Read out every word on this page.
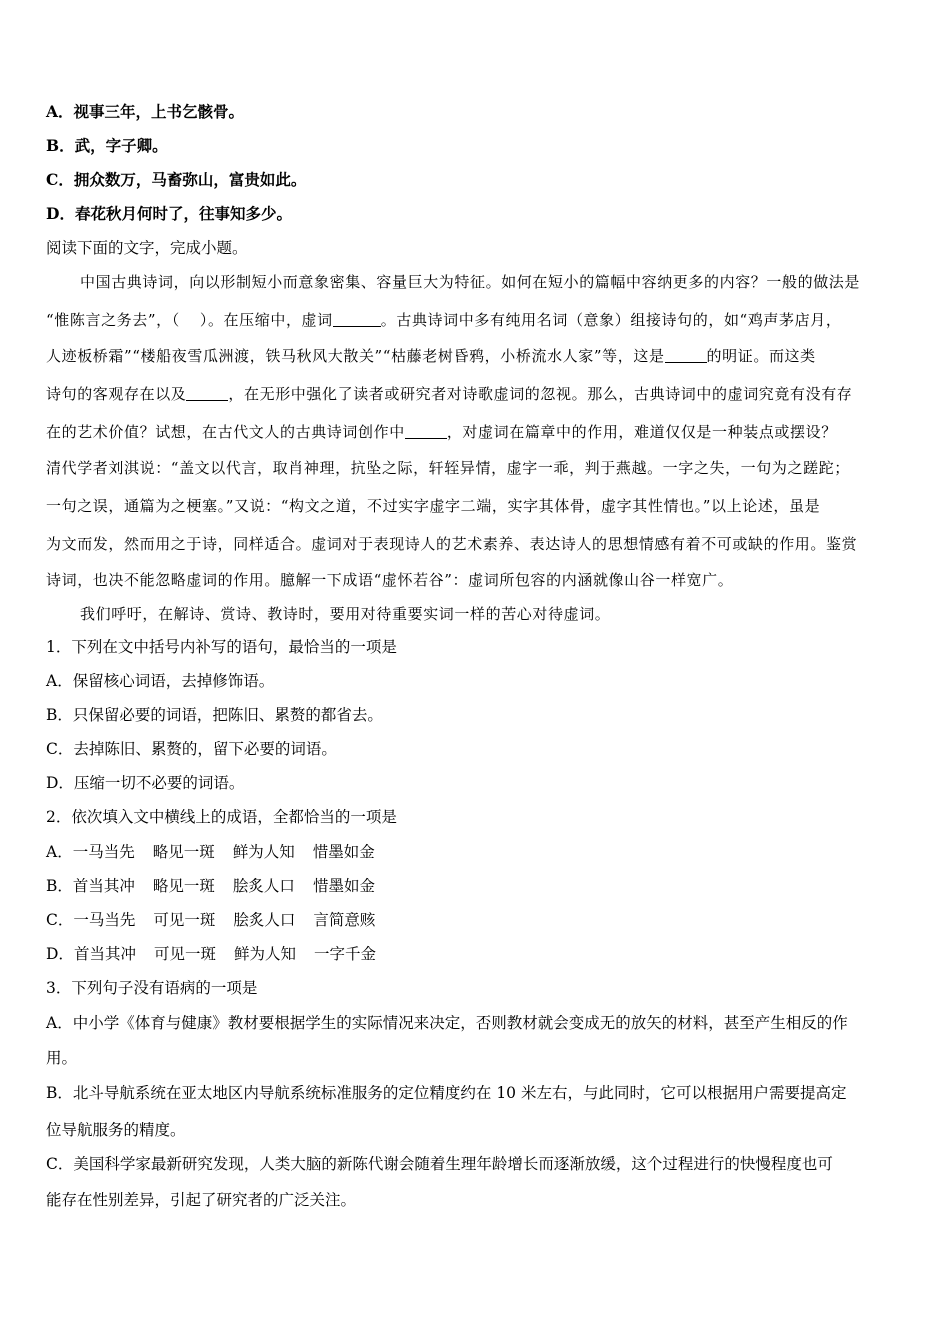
A．视事三年，上书乞骸骨。
B．武，字子卿。
C．拥众数万，马畜弥山，富贵如此。
D．春花秋月何时了，往事知多少。
阅读下面的文字，完成小题。
中国古典诗词，向以形制短小而意象密集、容量巨大为特征。如何在短小的篇幅中容纳更多的内容？一般的做法是
“惟陈言之务去”，（ ）。在压缩中，虚词	。古典诗词中多有纯用名词（意象）组接诗句的，如“鸡声茅店月，
人迹板桥霜”“楼船夜雪瓜洲渡，铁马秋风大散关”“枯藤老树昏鸦，小桥流水人家”等，这是	的明证。而这类
诗句的客观存在以及	，在无形中强化了读者或研究者对诗歌虚词的忽视。那么，古典诗词中的虚词究竟有没有存
在的艺术价值？试想，在古代文人的古典诗词创作中	，对虚词在篇章中的作用，难道仅仅是一种装点或摆设？
清代学者刘淇说：“盖文以代言，取肖神理，抗坠之际，轩轾异情，虚字一乖，判于燕越。一字之失，一句为之蹉跎；
一句之误，通篇为之梗塞。”又说：“构文之道，不过实字虚字二端，实字其体骨，虚字其性情也。”以上论述，虽是
为文而发，然而用之于诗，同样适合。虚词对于表现诗人的艺术素养、表达诗人的思想情感有着不可或缺的作用。鉴赏
诗词，也决不能忽略虚词的作用。臆解一下成语“虚怀若谷”：虚词所包容的内涵就像山谷一样宽广。
我们呼吁，在解诗、赏诗、教诗时，要用对待重要实词一样的苦心对待虚词。
1．下列在文中括号内补写的语句，最恰当的一项是
A．保留核心词语，去掉修饰语。
B．只保留必要的词语，把陈旧、累赘的都省去。
C．去掉陈旧、累赘的，留下必要的词语。
D．压缩一切不必要的词语。
2．依次填入文中横线上的成语，全都恰当的一项是
A．一马当先 略见一斑 鲜为人知 惜墨如金
B．首当其冲 略见一斑 脍炙人口 惜墨如金
C．一马当先 可见一斑 脍炙人口 言简意赅
D．首当其冲 可见一斑 鲜为人知 一字千金
3．下列句子没有语病的一项是
A．中小学《体育与健康》教材要根据学生的实际情况来决定，否则教材就会变成无的放矢的材料，甚至产生相反的作
用。
B．北斗导航系统在亚太地区内导航系统标准服务的定位精度约在 10 米左右，与此同时，它可以根据用户需要提高定
位导航服务的精度。
C．美国科学家最新研究发现，人类大脑的新陈代谢会随着生理年龄增长而逐渐放缓，这个过程进行的快慢程度也可
能存在性别差异，引起了研究者的广泛关注。
